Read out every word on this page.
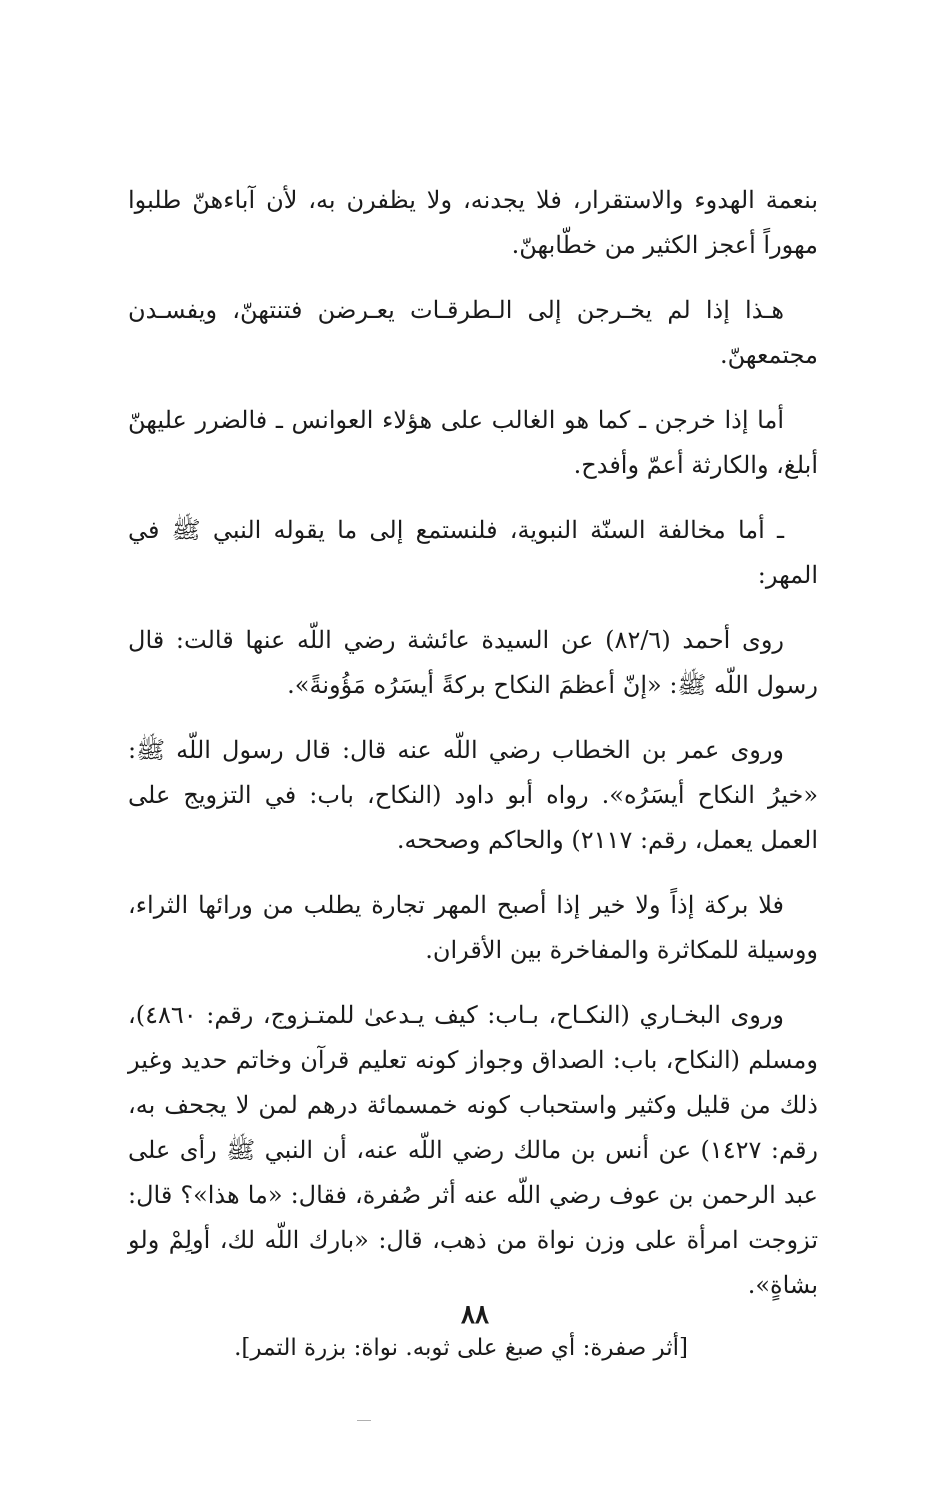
بنعمة الهدوء والاستقرار، فلا يجدنه، ولا يظفرن به، لأن آباءهنّ طلبوا مهوراً أعجز الكثير من خطّابهنّ.

هـذا إذا لم يخـرجن إلى الـطرقـات يعـرضن فتنتهنّ، ويفسـدن مجتمعهنّ.

أما إذا خرجن ـ كما هو الغالب على هؤلاء العوانس ـ فالضرر عليهنّ أبلغ، والكارثة أعمّ وأفدح.

ـ أما مخالفة السنّة النبوية، فلنستمع إلى ما يقوله النبي ﷺ في المهر:

روى أحمد (٨٢/٦) عن السيدة عائشة رضي اللّه عنها قالت: قال رسول اللّه ﷺ: «إنّ أعظمَ النكاح بركةً أيسَرُه مَؤُونةً».

وروى عمر بن الخطاب رضي اللّه عنه قال: قال رسول اللّه ﷺ: «خيرُ النكاح أيسَرُه». رواه أبو داود (النكاح، باب: في التزويج على العمل يعمل، رقم: ٢١١٧) والحاكم وصححه.

فلا بركة إذاً ولا خير إذا أصبح المهر تجارة يطلب من ورائها الثراء، ووسيلة للمكاثرة والمفاخرة بين الأقران.

وروى البخـاري (النكـاح، بـاب: كيف يـدعىٰ للمتـزوج، رقم: ٤٨٦٠)، ومسلم (النكاح، باب: الصداق وجواز كونه تعليم قرآن وخاتم حديد وغير ذلك من قليل وكثير واستحباب كونه خمسمائة درهم لمن لا يجحف به، رقم: ١٤٢٧) عن أنس بن مالك رضي اللّه عنه، أن النبي ﷺ رأى على عبد الرحمن بن عوف رضي اللّه عنه أثر صُفرة، فقال: «ما هذا»؟ قال: تزوجت امرأة على وزن نواة من ذهب، قال: «بارك اللّه لك، أولِمْ ولو بشاةٍ».

[أثر صفرة: أي صبغ على ثوبه. نواة: بزرة التمر].

٨٨
